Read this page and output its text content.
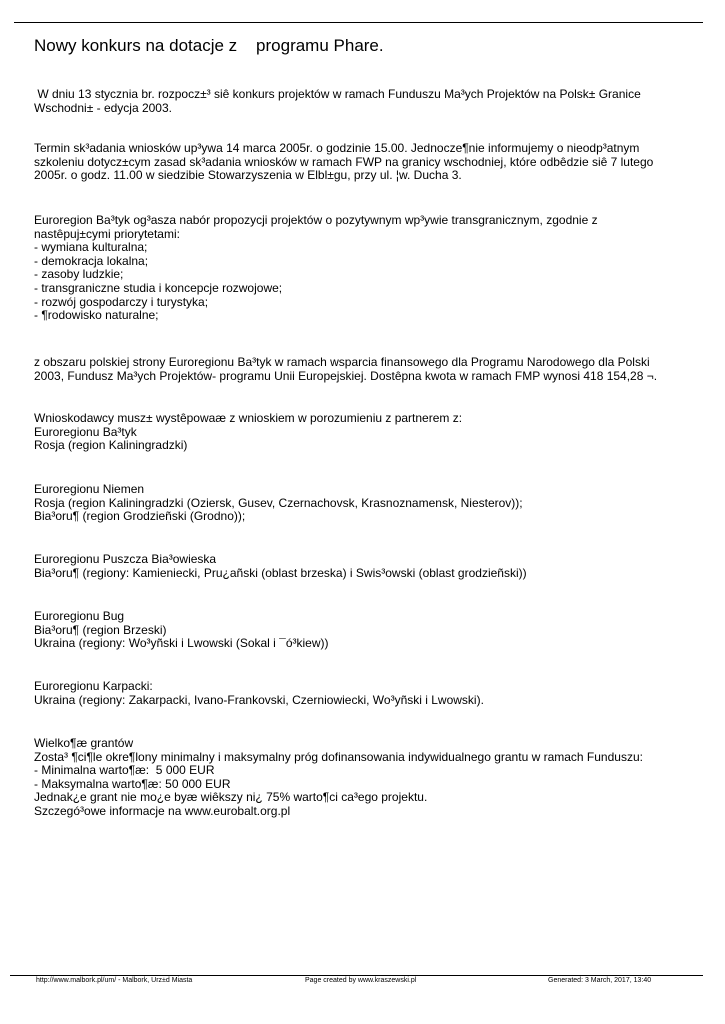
Nowy konkurs na dotacje z    programu Phare.
W dniu 13 stycznia br. rozpocz±³ siê konkurs projektów w ramach Funduszu Ma³ych Projektów na Polsk± Granice
Wschodni± - edycja 2003.
Termin sk³adania wniosków up³ywa 14 marca 2005r. o godzinie 15.00. Jednocze¶nie informujemy o nieodp³atnym
szkoleniu dotycz±cym zasad sk³adania wniosków w ramach FWP na granicy wschodniej, które odbêdzie siê 7 lutego
2005r. o godz. 11.00 w siedzibie Stowarzyszenia w Elbl±gu, przy ul. ¦w. Ducha 3.
Euroregion Ba³tyk og³asza nabór propozycji projektów o pozytywnym wp³ywie transgranicznym, zgodnie z
nastêpuj±cymi priorytetami:
- wymiana kulturalna;
- demokracja lokalna;
- zasoby ludzkie;
- transgraniczne studia i koncepcje rozwojowe;
- rozwój gospodarczy i turystyka;
- ¶rodowisko naturalne;
z obszaru polskiej strony Euroregionu Ba³tyk w ramach wsparcia finansowego dla Programu Narodowego dla Polski
2003, Fundusz Ma³ych Projektów- programu Unii Europejskiej. Dostêpna kwota w ramach FMP wynosi 418 154,28 ¬.
Wnioskodawcy musz± wystêpowaæ z wnioskiem w porozumieniu z partnerem z:
Euroregionu Ba³tyk
Rosja (region Kaliningradzki)
Euroregionu Niemen
Rosja (region Kaliningradzki (Oziersk, Gusev, Czernachovsk, Krasnoznamensk, Niesterov));
Bia³oru¶ (region Grodzieñski (Grodno));
Euroregionu Puszcza Bia³owieska
Bia³oru¶ (regiony: Kamieniecki, Pru¿añski (oblast brzeska) i Swis³owski (oblast grodzieñski))
Euroregionu Bug
Bia³oru¶ (region Brzeski)
Ukraina (regiony: Wo³yñski i Lwowski (Sokal i ¯ó³kiew))
Euroregionu Karpacki:
Ukraina (regiony: Zakarpacki, Ivano-Frankovski, Czerniowiecki, Wo³yñski i Lwowski).
Wielko¶æ grantów
Zosta³ ¶ci¶le okre¶lony minimalny i maksymalny próg dofinansowania indywidualnego grantu w ramach Funduszu:
- Minimalna warto¶æ:  5 000 EUR
- Maksymalna warto¶æ: 50 000 EUR
Jednak¿e grant nie mo¿e byæ wiêkszy ni¿ 75% warto¶ci ca³ego projektu.
Szczegó³owe informacje na www.eurobalt.org.pl
http://www.malbork.pl/um/ - Malbork, Urz±d Miasta	Page created by www.kraszewski.pl	Generated: 3 March, 2017, 13:40
